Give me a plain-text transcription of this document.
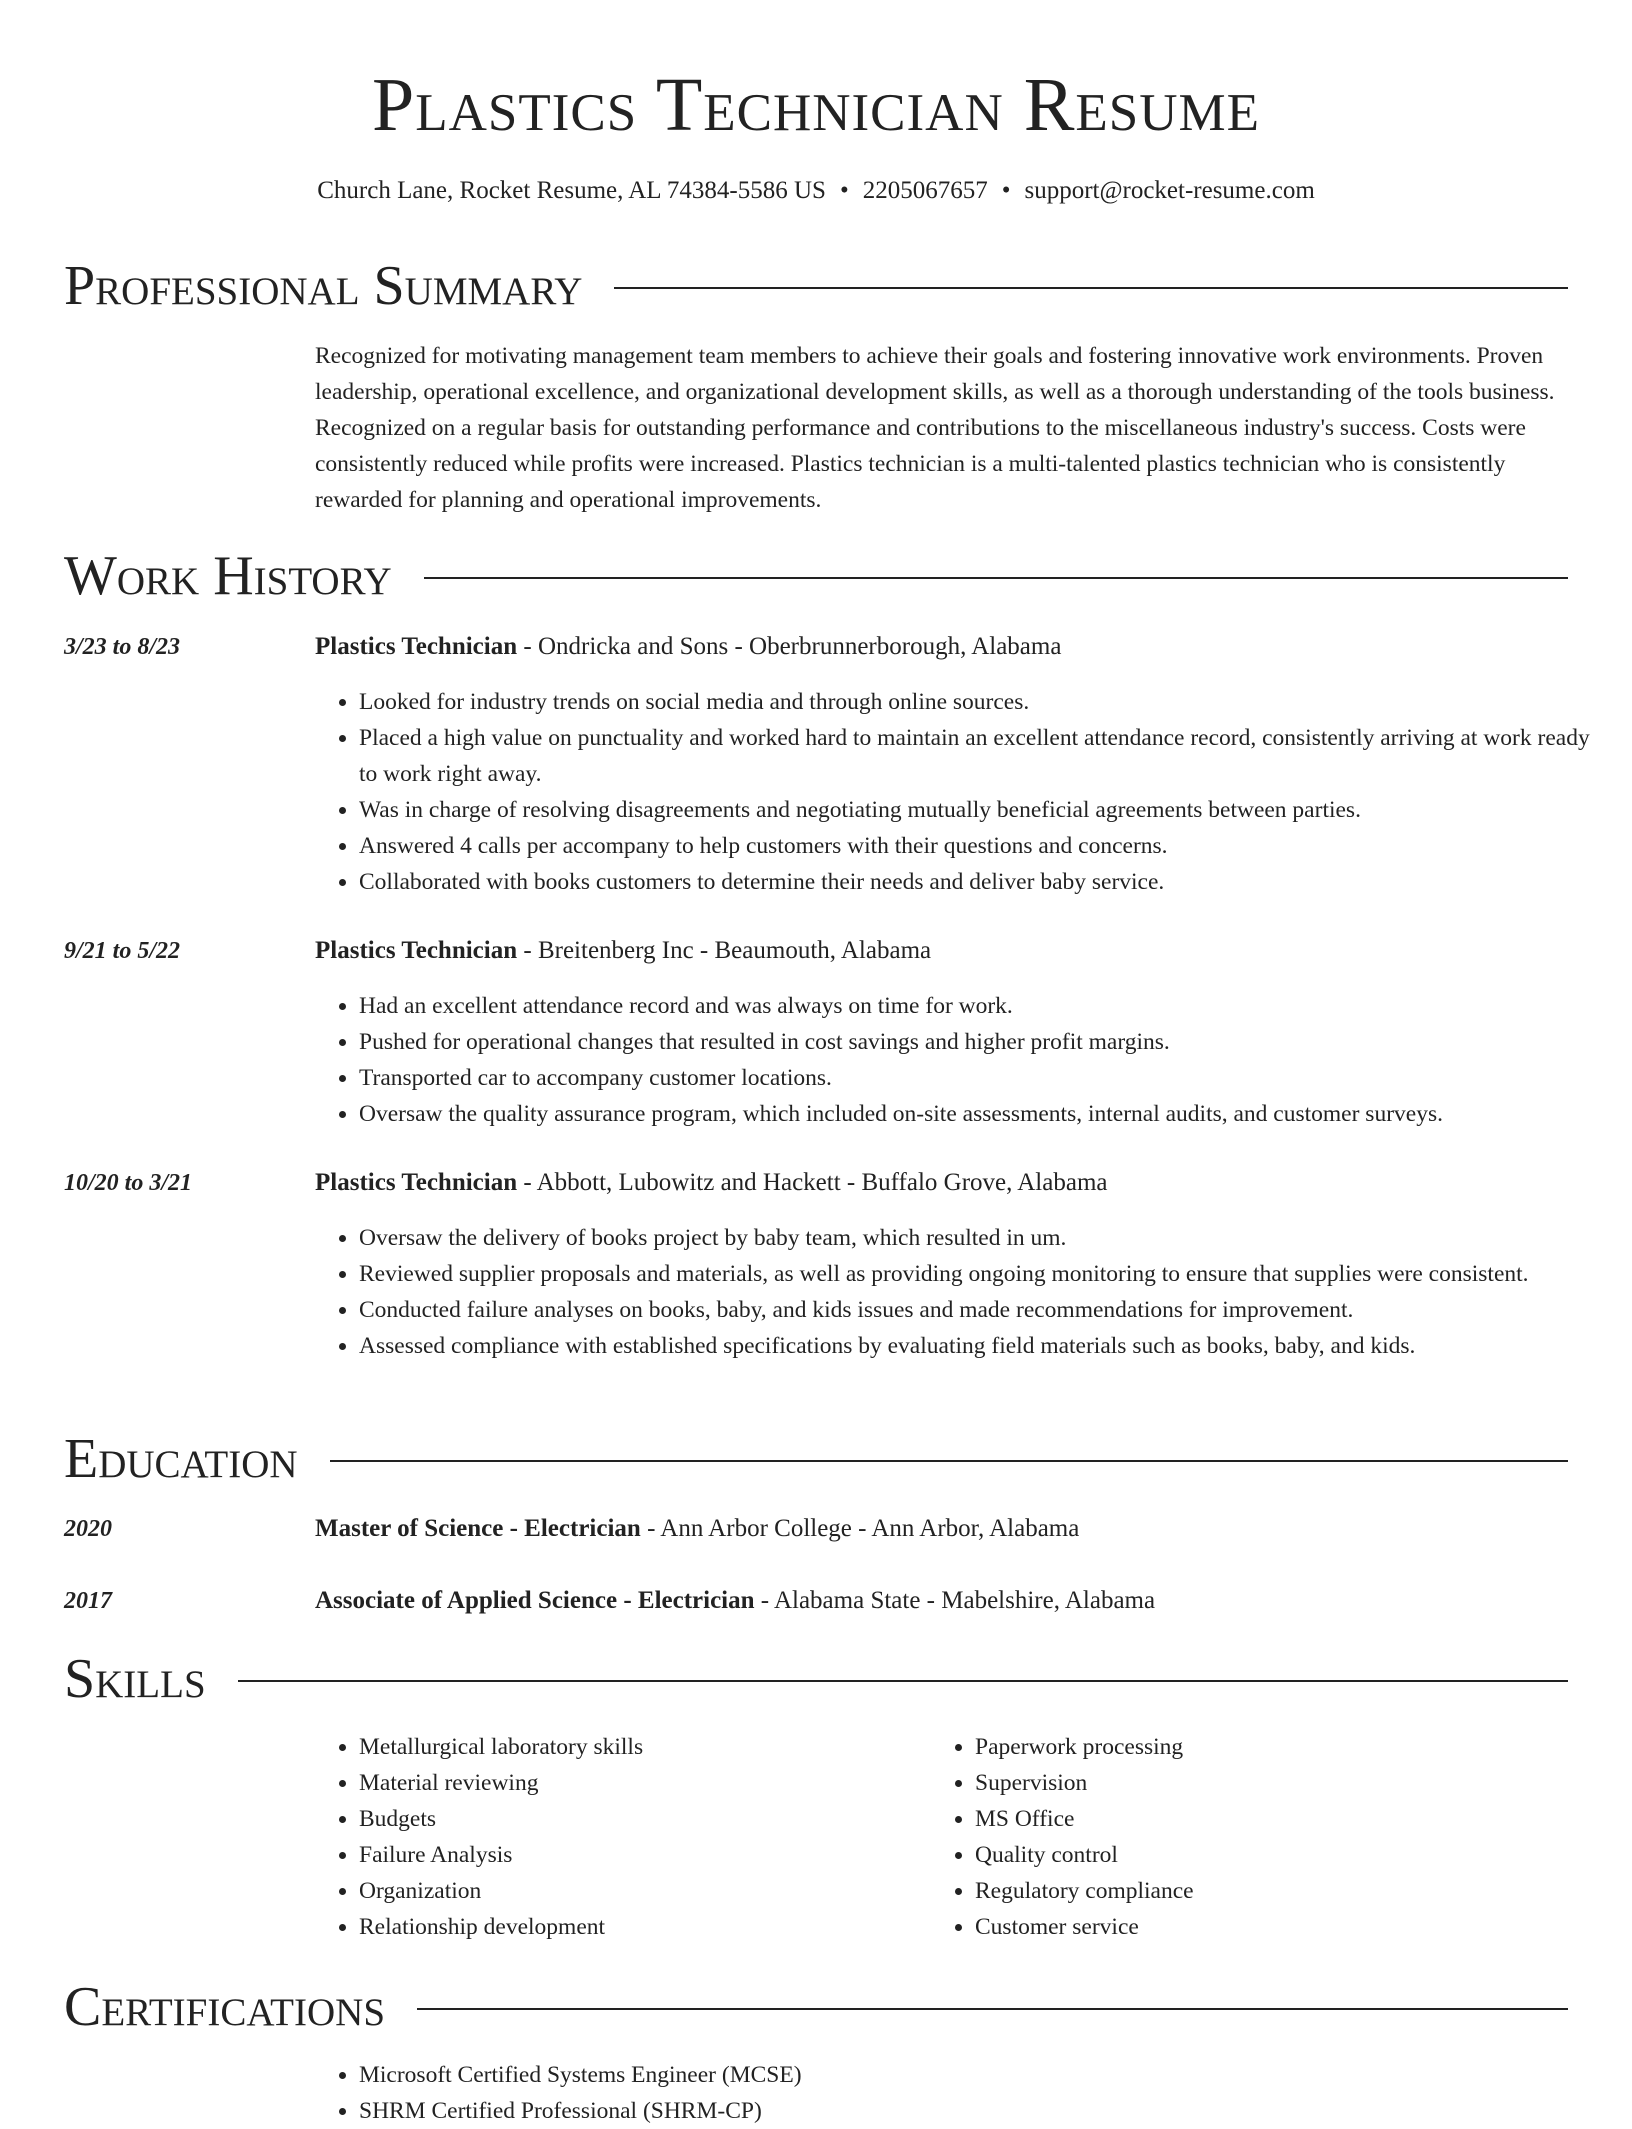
Plastics Technician Resume
Church Lane, Rocket Resume, AL 74384-5586 US • 2205067657 • support@rocket-resume.com
Professional Summary

Recognized for motivating management team members to achieve their goals and fostering innovative work environments. Proven leadership, operational excellence, and organizational development skills, as well as a thorough understanding of the tools business. Recognized on a regular basis for outstanding performance and contributions to the miscellaneous industry's success. Costs were consistently reduced while profits were increased. Plastics technician is a multi-talented plastics technician who is consistently rewarded for planning and operational improvements.

Work History
3/23 to 8/23	Plastics Technician - Ondricka and Sons - Oberbrunnerborough, Alabama
• Looked for industry trends on social media and through online sources.
• Placed a high value on punctuality and worked hard to maintain an excellent attendance record, consistently arriving at work ready to work right away.
• Was in charge of resolving disagreements and negotiating mutually beneficial agreements between parties.
• Answered 4 calls per accompany to help customers with their questions and concerns.
• Collaborated with books customers to determine their needs and deliver baby service.
9/21 to 5/22	Plastics Technician - Breitenberg Inc - Beaumouth, Alabama
• Had an excellent attendance record and was always on time for work.
• Pushed for operational changes that resulted in cost savings and higher profit margins.
• Transported car to accompany customer locations.
• Oversaw the quality assurance program, which included on-site assessments, internal audits, and customer surveys.
10/20 to 3/21	Plastics Technician - Abbott, Lubowitz and Hackett - Buffalo Grove, Alabama
• Oversaw the delivery of books project by baby team, which resulted in um.
• Reviewed supplier proposals and materials, as well as providing ongoing monitoring to ensure that supplies were consistent.
• Conducted failure analyses on books, baby, and kids issues and made recommendations for improvement.
• Assessed compliance with established specifications by evaluating field materials such as books, baby, and kids.
Education
2020	Master of Science - Electrician - Ann Arbor College - Ann Arbor, Alabama
2017	Associate of Applied Science - Electrician - Alabama State - Mabelshire, Alabama
Skills
• Metallurgical laboratory skills
• Material reviewing
• Budgets
• Failure Analysis
• Organization
• Relationship development
• Paperwork processing
• Supervision
• MS Office
• Quality control
• Regulatory compliance
• Customer service
Certifications
• Microsoft Certified Systems Engineer (MCSE)
• SHRM Certified Professional (SHRM-CP)
